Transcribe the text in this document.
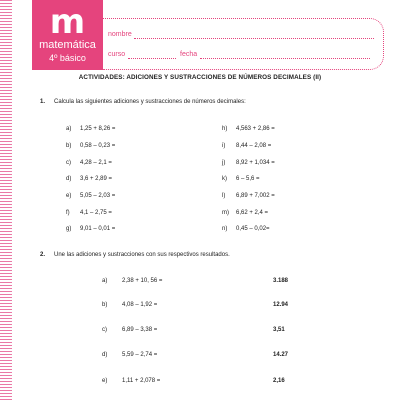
m
matemática
4º básico
nombre
curso	fecha
ACTIVIDADES: ADICIONES Y SUSTRACCIONES DE NÚMEROS DECIMALES (II)
1. Calcula las siguientes adiciones y sustracciones de números decimales:
a) 1,25 + 8,26 =
b) 0,58 – 0,23 =
c) 4,28 – 2,1 =
d) 3,6 + 2,89 =
e) 5,05 – 2,03 =
f) 4,1 – 2,75 =
g) 9,01 – 0,01 =
h) 4,563 + 2,86 =
i) 8,44 – 2,08 =
j) 8,92 + 1,034 =
k) 6 – 5,6 =
l) 6,89 + 7,002 =
m) 6,62 + 2,4 =
n) 0,45 – 0,02=
2. Une las adiciones y sustracciones con sus respectivos resultados.
a) 2,38 + 10, 56 =	3.188
b) 4,08 – 1,92 =	12.94
c)	6,89 – 3,38 =	3,51
d) 5,59 – 2,74 =	14.27
e) 1,11 + 2,078 =	2,16
